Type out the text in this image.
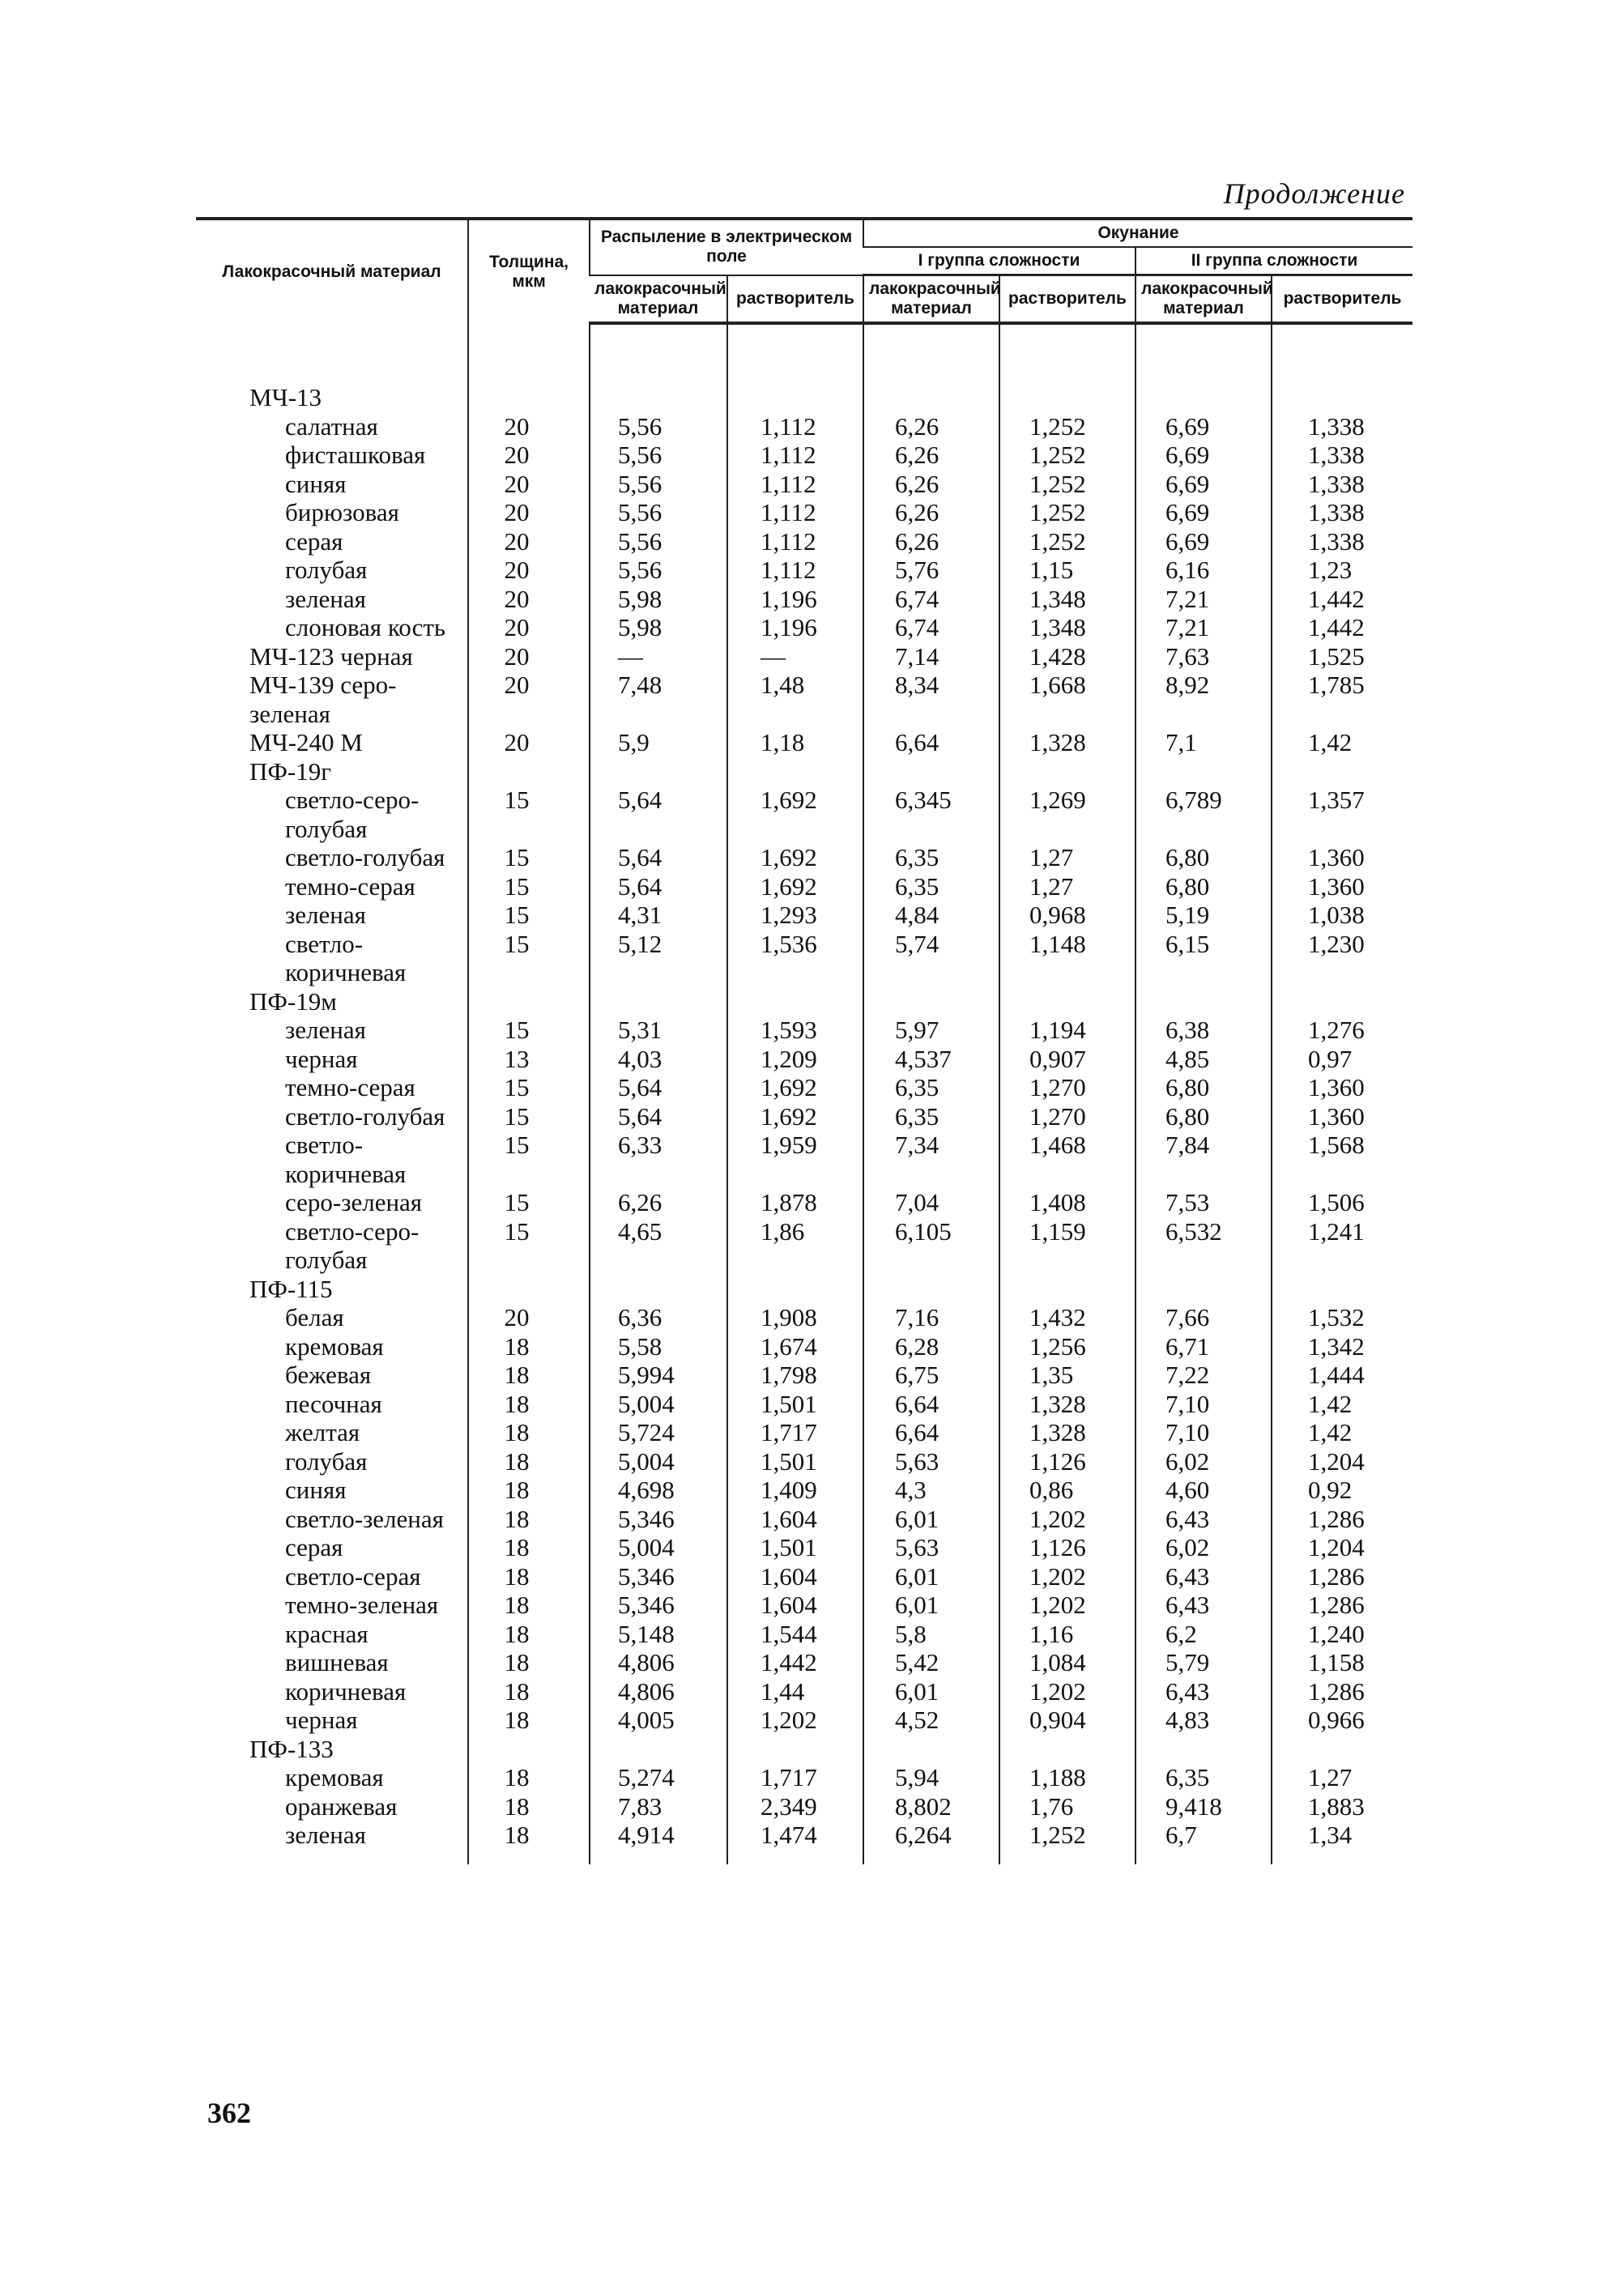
Продолжение
Лакокрасочный материал	Толщина, мкм	Распыление в электрическом поле		Окунание			
				I группа сложности		II группа сложности	
		лакокрасочный материал	растворитель	лакокрасочный материал	растворитель	лакокрасочный материал	растворитель

МЧ-13							
салатная	20	5,56	1,112	6,26	1,252	6,69	1,338
фисташковая	20	5,56	1,112	6,26	1,252	6,69	1,338
синяя	20	5,56	1,112	6,26	1,252	6,69	1,338
бирюзовая	20	5,56	1,112	6,26	1,252	6,69	1,338
серая	20	5,56	1,112	6,26	1,252	6,69	1,338
голубая	20	5,56	1,112	5,76	1,15	6,16	1,23
зеленая	20	5,98	1,196	6,74	1,348	7,21	1,442
слоновая кость	20	5,98	1,196	6,74	1,348	7,21	1,442
МЧ-123 черная	20	—	—	7,14	1,428	7,63	1,525
МЧ-139 серо-зеленая	20	7,48	1,48	8,34	1,668	8,92	1,785
МЧ-240 М	20	5,9	1,18	6,64	1,328	7,1	1,42
ПФ-19г							
светло-серо-голубая	15	5,64	1,692	6,345	1,269	6,789	1,357
светло-голубая	15	5,64	1,692	6,35	1,27	6,80	1,360
темно-серая	15	5,64	1,692	6,35	1,27	6,80	1,360
зеленая	15	4,31	1,293	4,84	0,968	5,19	1,038
светло-коричневая	15	5,12	1,536	5,74	1,148	6,15	1,230
ПФ-19м							
зеленая	15	5,31	1,593	5,97	1,194	6,38	1,276
черная	13	4,03	1,209	4,537	0,907	4,85	0,97
темно-серая	15	5,64	1,692	6,35	1,270	6,80	1,360
светло-голубая	15	5,64	1,692	6,35	1,270	6,80	1,360
светло-коричневая	15	6,33	1,959	7,34	1,468	7,84	1,568
серо-зеленая	15	6,26	1,878	7,04	1,408	7,53	1,506
светло-серо-голубая	15	4,65	1,86	6,105	1,159	6,532	1,241
ПФ-115							
белая	20	6,36	1,908	7,16	1,432	7,66	1,532
кремовая	18	5,58	1,674	6,28	1,256	6,71	1,342
бежевая	18	5,994	1,798	6,75	1,35	7,22	1,444
песочная	18	5,004	1,501	6,64	1,328	7,10	1,42
желтая	18	5,724	1,717	6,64	1,328	7,10	1,42
голубая	18	5,004	1,501	5,63	1,126	6,02	1,204
синяя	18	4,698	1,409	4,3	0,86	4,60	0,92
светло-зеленая	18	5,346	1,604	6,01	1,202	6,43	1,286
серая	18	5,004	1,501	5,63	1,126	6,02	1,204
светло-серая	18	5,346	1,604	6,01	1,202	6,43	1,286
темно-зеленая	18	5,346	1,604	6,01	1,202	6,43	1,286
красная	18	5,148	1,544	5,8	1,16	6,2	1,240
вишневая	18	4,806	1,442	5,42	1,084	5,79	1,158
коричневая	18	4,806	1,44	6,01	1,202	6,43	1,286
черная	18	4,005	1,202	4,52	0,904	4,83	0,966
ПФ-133							
кремовая	18	5,274	1,717	5,94	1,188	6,35	1,27
оранжевая	18	7,83	2,349	8,802	1,76	9,418	1,883
зеленая	18	4,914	1,474	6,264	1,252	6,7	1,34

362
